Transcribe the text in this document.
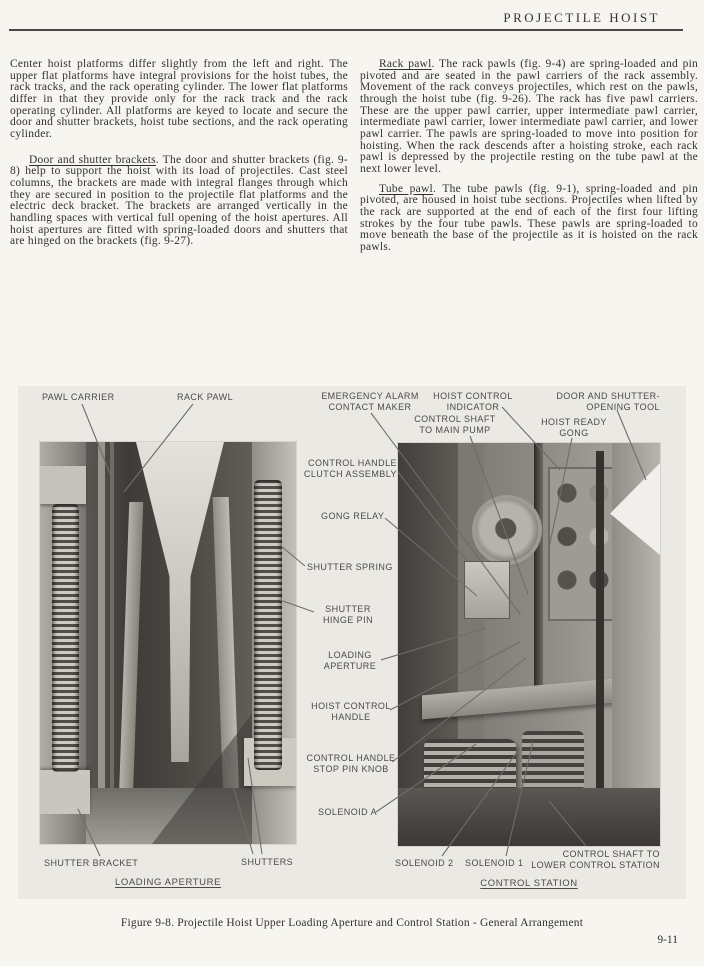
PROJECTILE HOIST

Center hoist platforms differ slightly from the left and right. The upper flat platforms have integral provisions for the hoist tubes, the rack tracks, and the rack operating cylinder. The lower flat platforms differ in that they provide only for the rack track and the rack operating cylinder. All platforms are keyed to locate and secure the door and shutter brackets, hoist tube sections, and the rack operating cylinder.

Door and shutter brackets. The door and shutter brackets (fig. 9-8) help to support the hoist with its load of projectiles. Cast steel columns, the brackets are made with integral flanges through which they are secured in position to the projectile flat platforms and the electric deck bracket. The brackets are arranged vertically in the handling spaces with vertical full opening of the hoist apertures. All hoist apertures are fitted with spring-loaded doors and shutters that are hinged on the brackets (fig. 9-27).

Rack pawl. The rack pawls (fig. 9-4) are spring-loaded and pin pivoted and are seated in the pawl carriers of the rack assembly. Movement of the rack conveys projectiles, which rest on the pawls, through the hoist tube (fig. 9-26). The rack has five pawl carriers. These are the upper pawl carrier, upper intermediate pawl carrier, intermediate pawl carrier, lower intermediate pawl carrier, and lower pawl carrier. The pawls are spring-loaded to move into position for hoisting. When the rack descends after a hoisting stroke, each rack pawl is depressed by the projectile resting on the tube pawl at the next lower level.

Tube pawl. The tube pawls (fig. 9-1), spring-loaded and pin pivoted, are housed in hoist tube sections. Projectiles when lifted by the rack are supported at the end of each of the first four lifting strokes by the four tube pawls. These pawls are spring-loaded to move beneath the base of the projectile as it is hoisted on the rack pawls.

PAWL CARRIER	RACK PAWL	EMERGENCY ALARM
CONTACT MAKER
HOIST CONTROL
INDICATOR
DOOR AND SHUTTER-
OPENING TOOL
CONTROL SHAFT
TO MAIN PUMP
HOIST READY
GONG
CONTROL HANDLE
CLUTCH ASSEMBLY
GONG RELAY
SHUTTER SPRING
SHUTTER
HINGE PIN
LOADING
APERTURE
HOIST CONTROL
HANDLE
CONTROL HANDLE
STOP PIN KNOB
SOLENOID A
SHUTTER BRACKET	SHUTTERS	SOLENOID 2 SOLENOID 1
CONTROL SHAFT TO
LOWER CONTROL STATION
LOADING APERTURE	CONTROL STATION
Figure 9-8. Projectile Hoist Upper Loading Aperture and Control Station - General Arrangement
9-11
